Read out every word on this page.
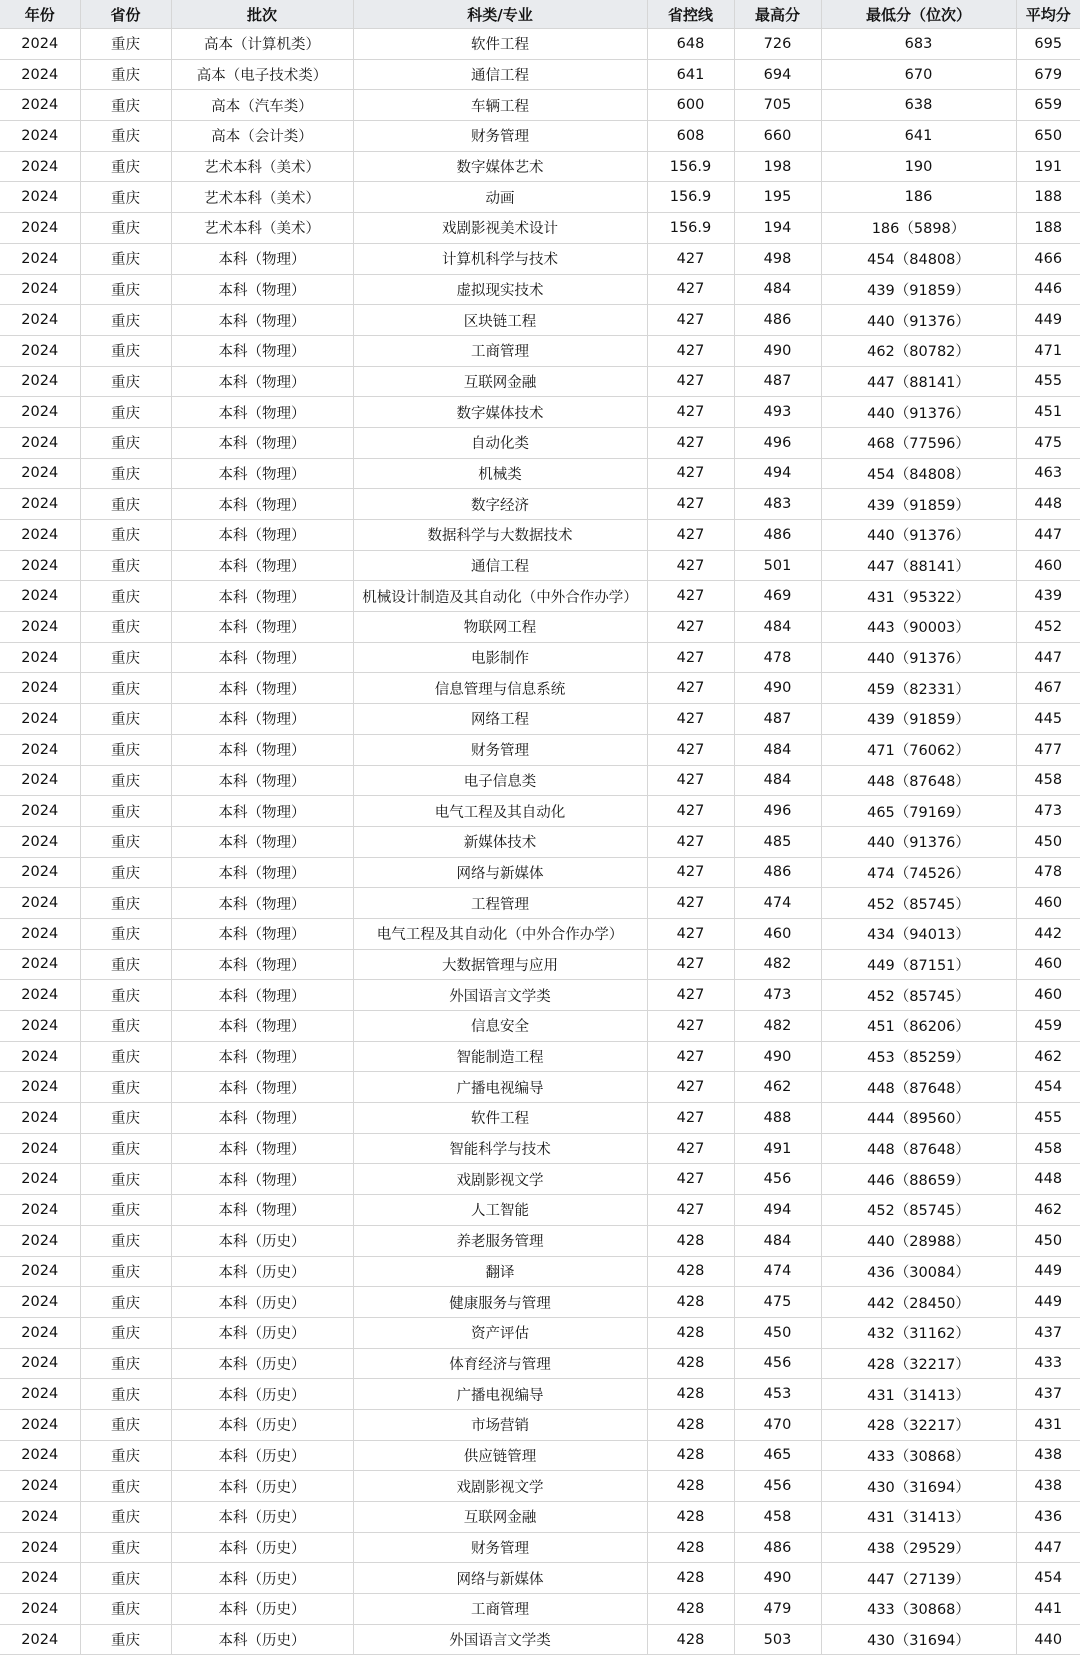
年份	省份	批次	科类/专业	省控线	最高分	最低分（位次）	平均分
2024	重庆	高本（计算机类）	软件工程	648	726	683	695
2024	重庆	高本（电子技术类）	通信工程	641	694	670	679
2024	重庆	高本（汽车类）	车辆工程	600	705	638	659
2024	重庆	高本（会计类）	财务管理	608	660	641	650
2024	重庆	艺术本科（美术）	数字媒体艺术	156.9	198	190	191
2024	重庆	艺术本科（美术）	动画	156.9	195	186	188
2024	重庆	艺术本科（美术）	戏剧影视美术设计	156.9	194	186（5898）	188
2024	重庆	本科（物理）	计算机科学与技术	427	498	454（84808）	466
2024	重庆	本科（物理）	虚拟现实技术	427	484	439（91859）	446
2024	重庆	本科（物理）	区块链工程	427	486	440（91376）	449
2024	重庆	本科（物理）	工商管理	427	490	462（80782）	471
2024	重庆	本科（物理）	互联网金融	427	487	447（88141）	455
2024	重庆	本科（物理）	数字媒体技术	427	493	440（91376）	451
2024	重庆	本科（物理）	自动化类	427	496	468（77596）	475
2024	重庆	本科（物理）	机械类	427	494	454（84808）	463
2024	重庆	本科（物理）	数字经济	427	483	439（91859）	448
2024	重庆	本科（物理）	数据科学与大数据技术	427	486	440（91376）	447
2024	重庆	本科（物理）	通信工程	427	501	447（88141）	460
2024	重庆	本科（物理）	机械设计制造及其自动化（中外合作办学）	427	469	431（95322）	439
2024	重庆	本科（物理）	物联网工程	427	484	443（90003）	452
2024	重庆	本科（物理）	电影制作	427	478	440（91376）	447
2024	重庆	本科（物理）	信息管理与信息系统	427	490	459（82331）	467
2024	重庆	本科（物理）	网络工程	427	487	439（91859）	445
2024	重庆	本科（物理）	财务管理	427	484	471（76062）	477
2024	重庆	本科（物理）	电子信息类	427	484	448（87648）	458
2024	重庆	本科（物理）	电气工程及其自动化	427	496	465（79169）	473
2024	重庆	本科（物理）	新媒体技术	427	485	440（91376）	450
2024	重庆	本科（物理）	网络与新媒体	427	486	474（74526）	478
2024	重庆	本科（物理）	工程管理	427	474	452（85745）	460
2024	重庆	本科（物理）	电气工程及其自动化（中外合作办学）	427	460	434（94013）	442
2024	重庆	本科（物理）	大数据管理与应用	427	482	449（87151）	460
2024	重庆	本科（物理）	外国语言文学类	427	473	452（85745）	460
2024	重庆	本科（物理）	信息安全	427	482	451（86206）	459
2024	重庆	本科（物理）	智能制造工程	427	490	453（85259）	462
2024	重庆	本科（物理）	广播电视编导	427	462	448（87648）	454
2024	重庆	本科（物理）	软件工程	427	488	444（89560）	455
2024	重庆	本科（物理）	智能科学与技术	427	491	448（87648）	458
2024	重庆	本科（物理）	戏剧影视文学	427	456	446（88659）	448
2024	重庆	本科（物理）	人工智能	427	494	452（85745）	462
2024	重庆	本科（历史）	养老服务管理	428	484	440（28988）	450
2024	重庆	本科（历史）	翻译	428	474	436（30084）	449
2024	重庆	本科（历史）	健康服务与管理	428	475	442（28450）	449
2024	重庆	本科（历史）	资产评估	428	450	432（31162）	437
2024	重庆	本科（历史）	体育经济与管理	428	456	428（32217）	433
2024	重庆	本科（历史）	广播电视编导	428	453	431（31413）	437
2024	重庆	本科（历史）	市场营销	428	470	428（32217）	431
2024	重庆	本科（历史）	供应链管理	428	465	433（30868）	438
2024	重庆	本科（历史）	戏剧影视文学	428	456	430（31694）	438
2024	重庆	本科（历史）	互联网金融	428	458	431（31413）	436
2024	重庆	本科（历史）	财务管理	428	486	438（29529）	447
2024	重庆	本科（历史）	网络与新媒体	428	490	447（27139）	454
2024	重庆	本科（历史）	工商管理	428	479	433（30868）	441
2024	重庆	本科（历史）	外国语言文学类	428	503	430（31694）	440
